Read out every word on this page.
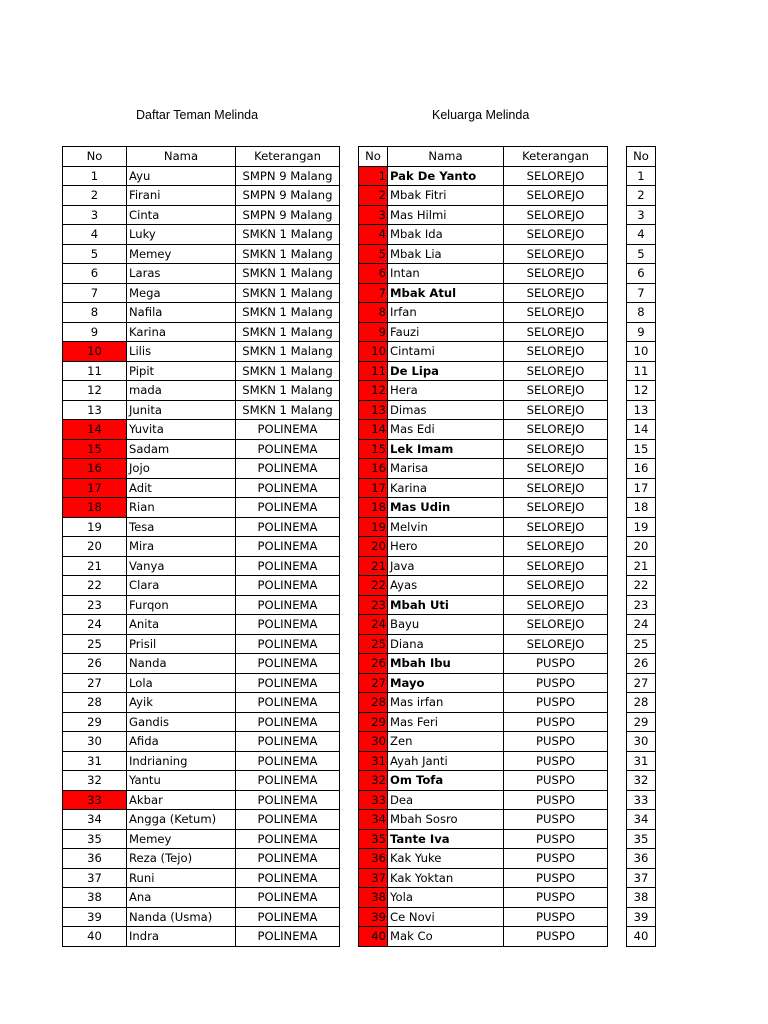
Daftar Teman Melinda	Keluarga Melinda
No	Nama	Keterangan
1	Ayu	SMPN 9 Malang
2	Firani	SMPN 9 Malang
3	Cinta	SMPN 9 Malang
4	Luky	SMKN 1 Malang
5	Memey	SMKN 1 Malang
6	Laras	SMKN 1 Malang
7	Mega	SMKN 1 Malang
8	Nafila	SMKN 1 Malang
9	Karina	SMKN 1 Malang
10	Lilis	SMKN 1 Malang
11	Pipit	SMKN 1 Malang
12	mada	SMKN 1 Malang
13	Junita	SMKN 1 Malang
14	Yuvita	POLINEMA
15	Sadam	POLINEMA
16	Jojo	POLINEMA
17	Adit	POLINEMA
18	Rian	POLINEMA
19	Tesa	POLINEMA
20	Mira	POLINEMA
21	Vanya	POLINEMA
22	Clara	POLINEMA
23	Furqon	POLINEMA
24	Anita	POLINEMA
25	Prisil	POLINEMA
26	Nanda	POLINEMA
27	Lola	POLINEMA
28	Ayik	POLINEMA
29	Gandis	POLINEMA
30	Afida	POLINEMA
31	Indrianing	POLINEMA
32	Yantu	POLINEMA
33	Akbar	POLINEMA
34	Angga (Ketum)	POLINEMA
35	Memey	POLINEMA
36	Reza (Tejo)	POLINEMA
37	Runi	POLINEMA
38	Ana	POLINEMA
39	Nanda (Usma)	POLINEMA
40	Indra	POLINEMA
No	Nama	Keterangan
1	Pak De Yanto	SELOREJO
2	Mbak Fitri	SELOREJO
3	Mas Hilmi	SELOREJO
4	Mbak Ida	SELOREJO
5	Mbak Lia	SELOREJO
6	Intan	SELOREJO
7	Mbak Atul	SELOREJO
8	Irfan	SELOREJO
9	Fauzi	SELOREJO
10	Cintami	SELOREJO
11	De Lipa	SELOREJO
12	Hera	SELOREJO
13	Dimas	SELOREJO
14	Mas Edi	SELOREJO
15	Lek Imam	SELOREJO
16	Marisa	SELOREJO
17	Karina	SELOREJO
18	Mas Udin	SELOREJO
19	Melvin	SELOREJO
20	Hero	SELOREJO
21	Java	SELOREJO
22	Ayas	SELOREJO
23	Mbah Uti	SELOREJO
24	Bayu	SELOREJO
25	Diana	SELOREJO
26	Mbah Ibu	PUSPO
27	Mayo	PUSPO
28	Mas irfan	PUSPO
29	Mas Feri	PUSPO
30	Zen	PUSPO
31	Ayah Janti	PUSPO
32	Om Tofa	PUSPO
33	Dea	PUSPO
34	Mbah Sosro	PUSPO
35	Tante Iva	PUSPO
36	Kak Yuke	PUSPO
37	Kak Yoktan	PUSPO
38	Yola	PUSPO
39	Ce Novi	PUSPO
40	Mak Co	PUSPO
No
1
2
3
4
5
6
7
8
9
10
11
12
13
14
15
16
17
18
19
20
21
22
23
24
25
26
27
28
29
30
31
32
33
34
35
36
37
38
39
40
